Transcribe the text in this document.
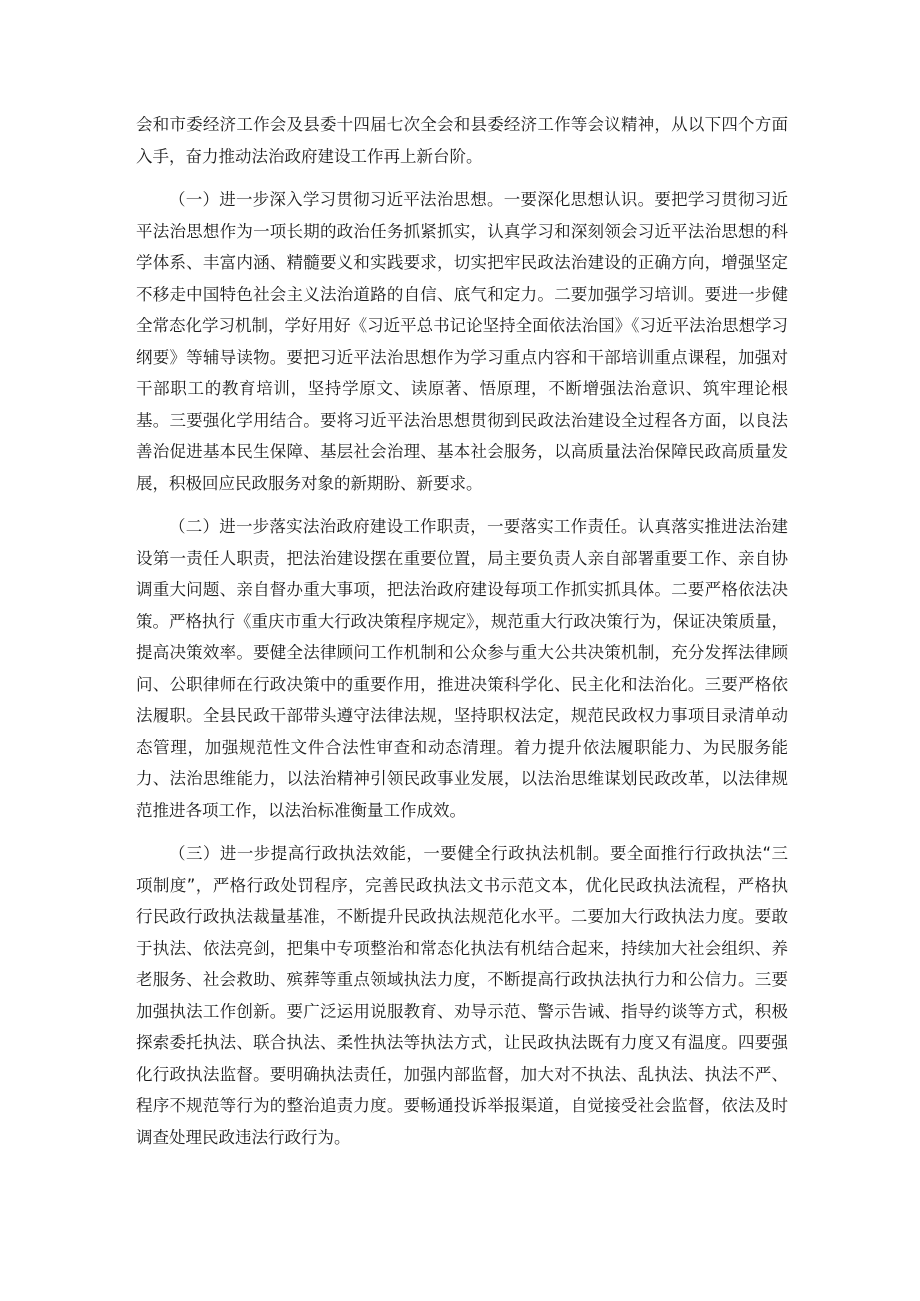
会和市委经济工作会及县委十四届七次全会和县委经济工作等会议精神，从以下四个方面入手，奋力推动法治政府建设工作再上新台阶。

（一）进一步深入学习贯彻习近平法治思想。一要深化思想认识。要把学习贯彻习近平法治思想作为一项长期的政治任务抓紧抓实，认真学习和深刻领会习近平法治思想的科学体系、丰富内涵、精髓要义和实践要求，切实把牢民政法治建设的正确方向，增强坚定不移走中国特色社会主义法治道路的自信、底气和定力。二要加强学习培训。要进一步健全常态化学习机制，学好用好《习近平总书记论坚持全面依法治国》《习近平法治思想学习纲要》等辅导读物。要把习近平法治思想作为学习重点内容和干部培训重点课程，加强对干部职工的教育培训，坚持学原文、读原著、悟原理，不断增强法治意识、筑牢理论根基。三要强化学用结合。要将习近平法治思想贯彻到民政法治建设全过程各方面，以良法善治促进基本民生保障、基层社会治理、基本社会服务，以高质量法治保障民政高质量发展，积极回应民政服务对象的新期盼、新要求。

（二）进一步落实法治政府建设工作职责，一要落实工作责任。认真落实推进法治建设第一责任人职责，把法治建设摆在重要位置，局主要负责人亲自部署重要工作、亲自协调重大问题、亲自督办重大事项，把法治政府建设每项工作抓实抓具体。二要严格依法决策。严格执行《重庆市重大行政决策程序规定》，规范重大行政决策行为，保证决策质量，提高决策效率。要健全法律顾问工作机制和公众参与重大公共决策机制，充分发挥法律顾问、公职律师在行政决策中的重要作用，推进决策科学化、民主化和法治化。三要严格依法履职。全县民政干部带头遵守法律法规，坚持职权法定，规范民政权力事项目录清单动态管理，加强规范性文件合法性审查和动态清理。着力提升依法履职能力、为民服务能力、法治思维能力，以法治精神引领民政事业发展，以法治思维谋划民政改革，以法律规范推进各项工作，以法治标准衡量工作成效。

（三）进一步提高行政执法效能，一要健全行政执法机制。要全面推行行政执法“三项制度”，严格行政处罚程序，完善民政执法文书示范文本，优化民政执法流程，严格执行民政行政执法裁量基准，不断提升民政执法规范化水平。二要加大行政执法力度。要敢于执法、依法亮剑，把集中专项整治和常态化执法有机结合起来，持续加大社会组织、养老服务、社会救助、殡葬等重点领域执法力度，不断提高行政执法执行力和公信力。三要加强执法工作创新。要广泛运用说服教育、劝导示范、警示告诫、指导约谈等方式，积极探索委托执法、联合执法、柔性执法等执法方式，让民政执法既有力度又有温度。四要强化行政执法监督。要明确执法责任，加强内部监督，加大对不执法、乱执法、执法不严、程序不规范等行为的整治追责力度。要畅通投诉举报渠道，自觉接受社会监督，依法及时调查处理民政违法行政行为。
